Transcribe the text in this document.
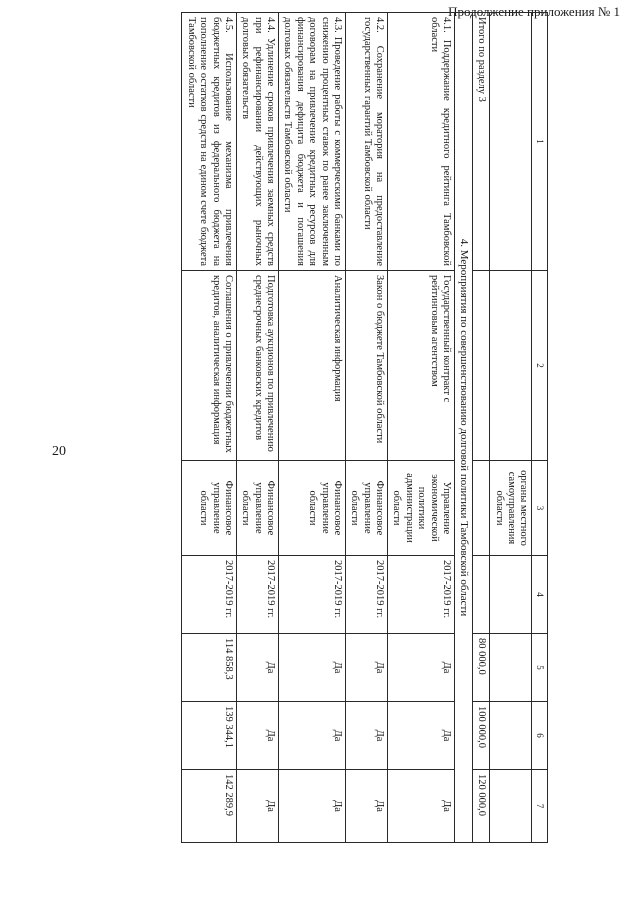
20
Продолжение приложения № 1
1	2	3	4	5	6	7
		органы местного самоуправления области				
Итого по разделу 3				80 000,0	100 000,0	120 000,0
4. Мероприятия по совершенствованию долговой политики Тамбовской области						
4.1. Поддержание кредитного рейтинга Тамбовской области	Государственный контракт с рейтинговым агентством	Управление экономической политики администрации области	2017-2019 гг.	Да	Да	Да
4.2. Сохранение моратория на предоставление государственных гарантий Тамбовской области	Закон о бюджете Тамбовской области	Финансовое управление области	2017-2019 гг.	Да	Да	Да
4.3. Проведение работы с коммерческими банками по снижению процентных ставок по ранее заключенным договорам на привлечение кредитных ресурсов для финансирования дефицита бюджета и погашения долговых обязательств Тамбовской области	Аналитическая информация	Финансовое управление области	2017-2019 гг.	Да	Да	Да
4.4. Удлинение сроков привлечения заемных средств при рефинансировании действующих рыночных долговых обязательств	Подготовка аукционов по привлечению среднесрочных банковских кредитов	Финансовое управление области	2017-2019 гг.	Да	Да	Да
4.5. Использование механизма привлечения бюджетных кредитов из федерального бюджета на пополнение остатков средств на едином счете бюджета Тамбовской области	Соглашения о привлечении бюджетных кредитов, аналитическая информация	Финансовое управление области	2017-2019 гг.	114 858,3	139 344,1	142 289,9
